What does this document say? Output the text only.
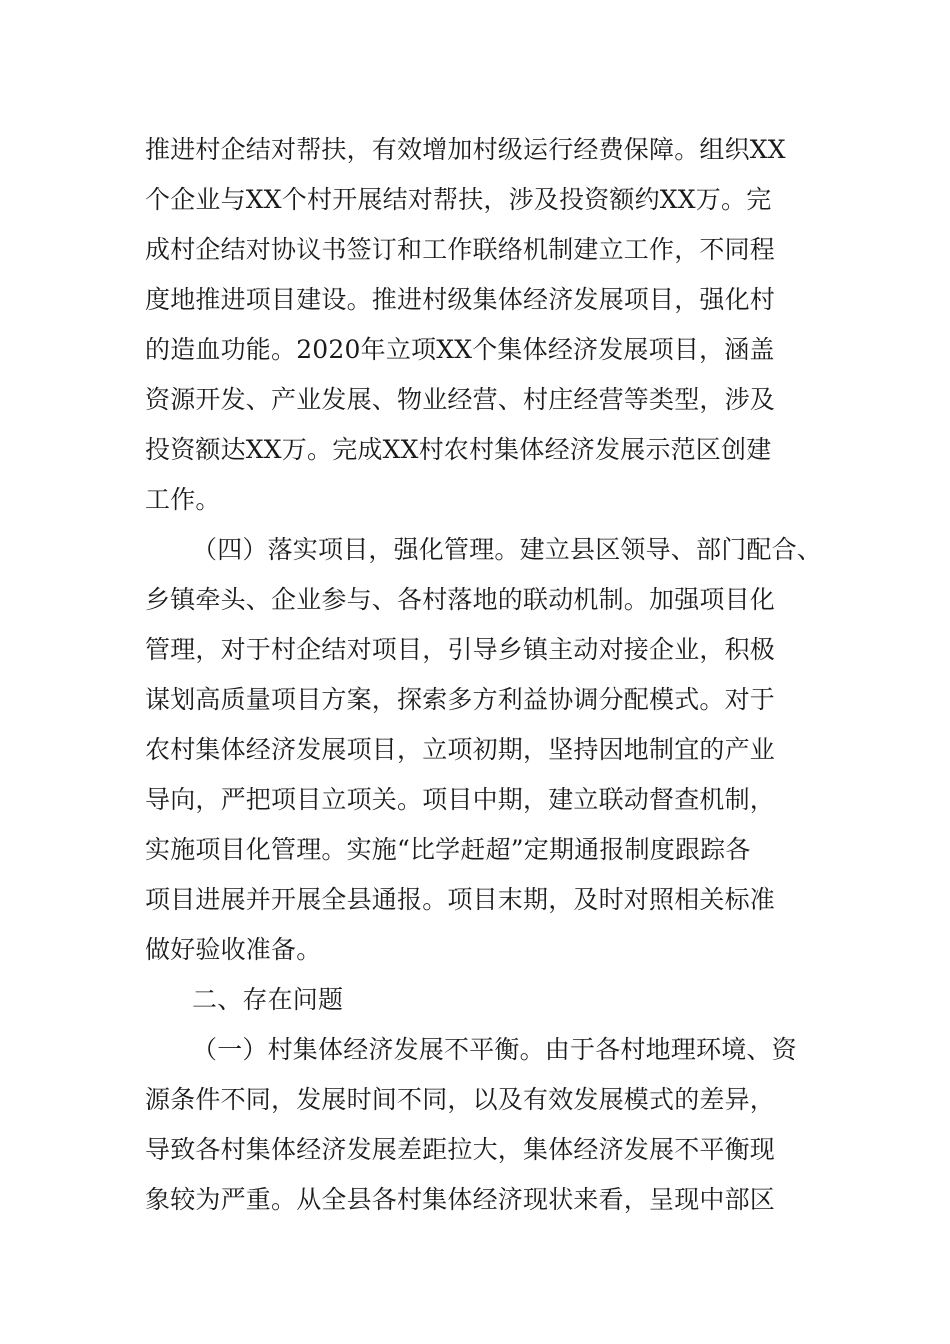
推进村企结对帮扶，有效增加村级运行经费保障。组织XX

个企业与XX个村开展结对帮扶，涉及投资额约XX万。完

成村企结对协议书签订和工作联络机制建立工作，不同程

度地推进项目建设。推进村级集体经济发展项目，强化村

的造血功能。2020年立项XX个集体经济发展项目，涵盖

资源开发、产业发展、物业经营、村庄经营等类型，涉及

投资额达XX万。完成XX村农村集体经济发展示范区创建

工作。

（四）落实项目，强化管理。建立县区领导、部门配合、

乡镇牵头、企业参与、各村落地的联动机制。加强项目化

管理，对于村企结对项目，引导乡镇主动对接企业，积极

谋划高质量项目方案，探索多方利益协调分配模式。对于

农村集体经济发展项目，立项初期，坚持因地制宜的产业

导向，严把项目立项关。项目中期，建立联动督查机制，

实施项目化管理。实施“比学赶超”定期通报制度跟踪各

项目进展并开展全县通报。项目末期，及时对照相关标准

做好验收准备。

二、存在问题

（一）村集体经济发展不平衡。由于各村地理环境、资

源条件不同，发展时间不同，以及有效发展模式的差异，

导致各村集体经济发展差距拉大，集体经济发展不平衡现

象较为严重。从全县各村集体经济现状来看，呈现中部区
